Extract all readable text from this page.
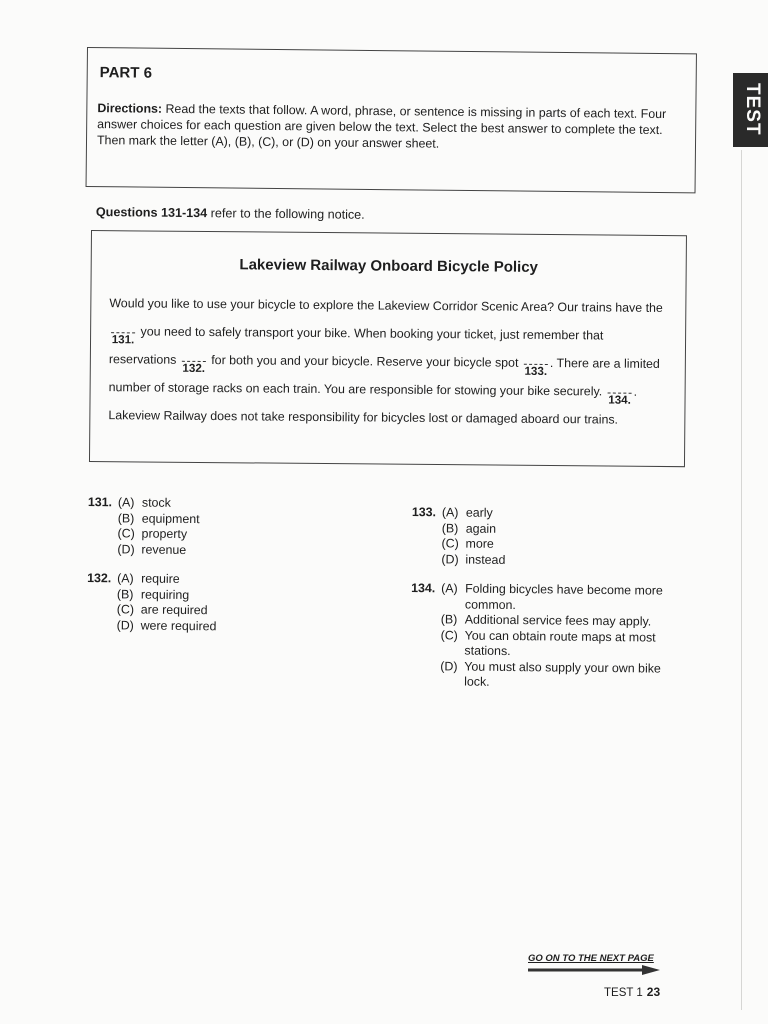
TEST
PART 6
Directions: Read the texts that follow. A word, phrase, or sentence is missing in parts of each text. Four answer choices for each question are given below the text. Select the best answer to complete the text. Then mark the letter (A), (B), (C), or (D) on your answer sheet.
Questions 131-134 refer to the following notice.
Lakeview Railway Onboard Bicycle Policy
Would you like to use your bicycle to explore the Lakeview Corridor Scenic Area? Our trains have the
131. you need to safely transport your bike. When booking your ticket, just remember that reservations
132. for both you and your bicycle. Reserve your bicycle spot
133.
. There are a limited number of storage racks on each train. You are responsible for stowing your bike securely.
134.
. Lakeview Railway does not take responsibility for bicycles lost or damaged aboard our trains.
131. (A) stock
(B) equipment
(C) property
(D) revenue
132. (A) require
(B) requiring
(C) are required
(D) were required
133. (A) early
(B) again
(C) more
(D) instead
134. (A) Folding bicycles have become more common.
(B) Additional service fees may apply.
(C) You can obtain route maps at most stations.
(D) You must also supply your own bike lock.
GO ON TO THE NEXT PAGE
TEST 1 23
